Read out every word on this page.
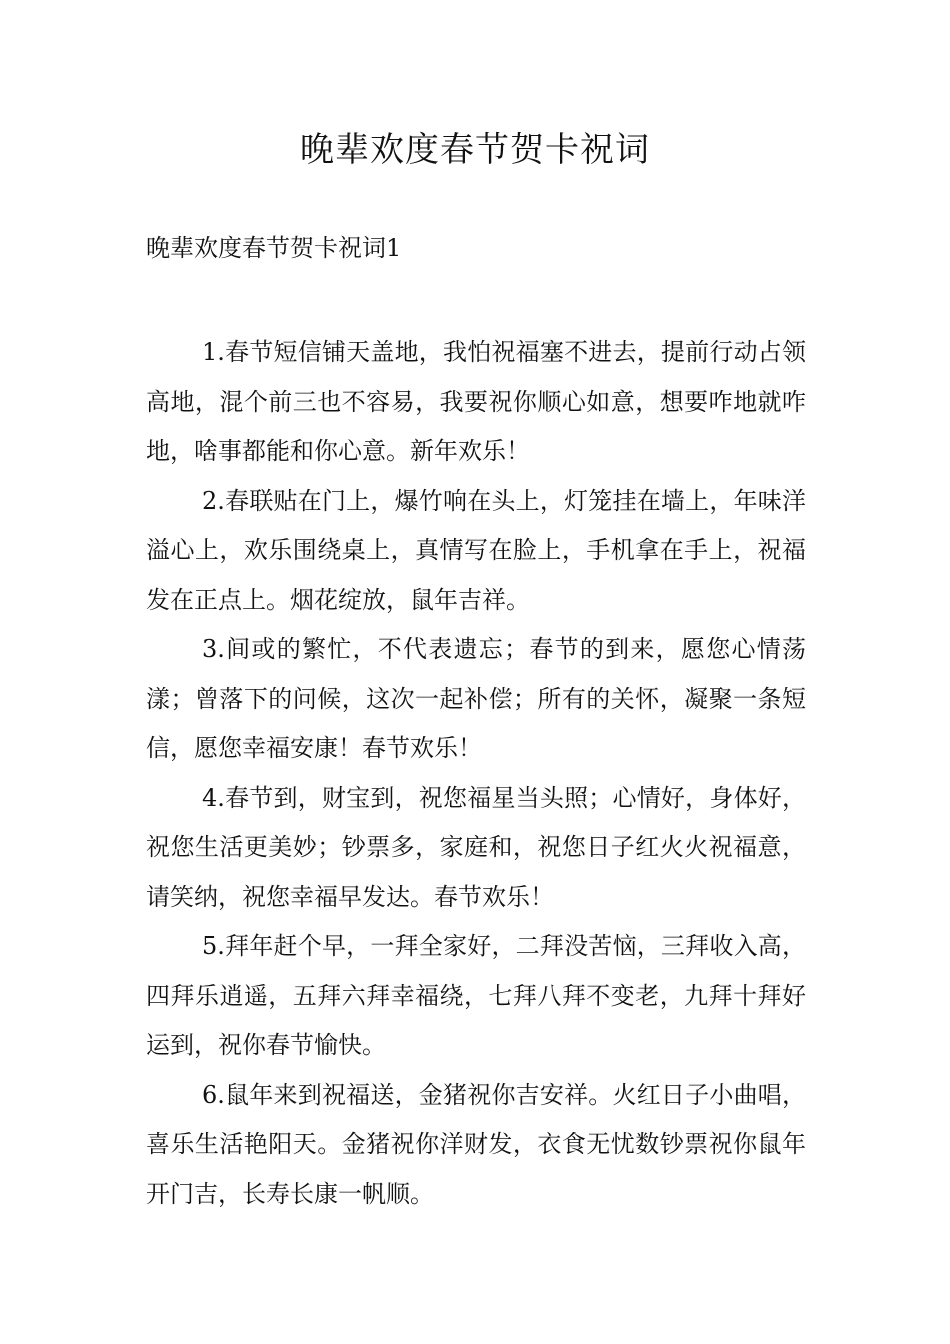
晚辈欢度春节贺卡祝词
晚辈欢度春节贺卡祝词1

1.春节短信铺天盖地，我怕祝福塞不进去，提前行动占领高地，混个前三也不容易，我要祝你顺心如意，想要咋地就咋地，啥事都能和你心意。新年欢乐！

2.春联贴在门上，爆竹响在头上，灯笼挂在墙上，年味洋溢心上，欢乐围绕桌上，真情写在脸上，手机拿在手上，祝福发在正点上。烟花绽放，鼠年吉祥。

3.间或的繁忙，不代表遗忘；春节的到来，愿您心情荡漾；曾落下的问候，这次一起补偿；所有的关怀，凝聚一条短信，愿您幸福安康！春节欢乐！

4.春节到，财宝到，祝您福星当头照；心情好，身体好，祝您生活更美妙；钞票多，家庭和，祝您日子红火火祝福意，请笑纳，祝您幸福早发达。春节欢乐！

5.拜年赶个早，一拜全家好，二拜没苦恼，三拜收入高，四拜乐逍遥，五拜六拜幸福绕，七拜八拜不变老，九拜十拜好运到，祝你春节愉快。

6.鼠年来到祝福送，金猪祝你吉安祥。火红日子小曲唱，喜乐生活艳阳天。金猪祝你洋财发，衣食无忧数钞票祝你鼠年开门吉，长寿长康一帆顺。
